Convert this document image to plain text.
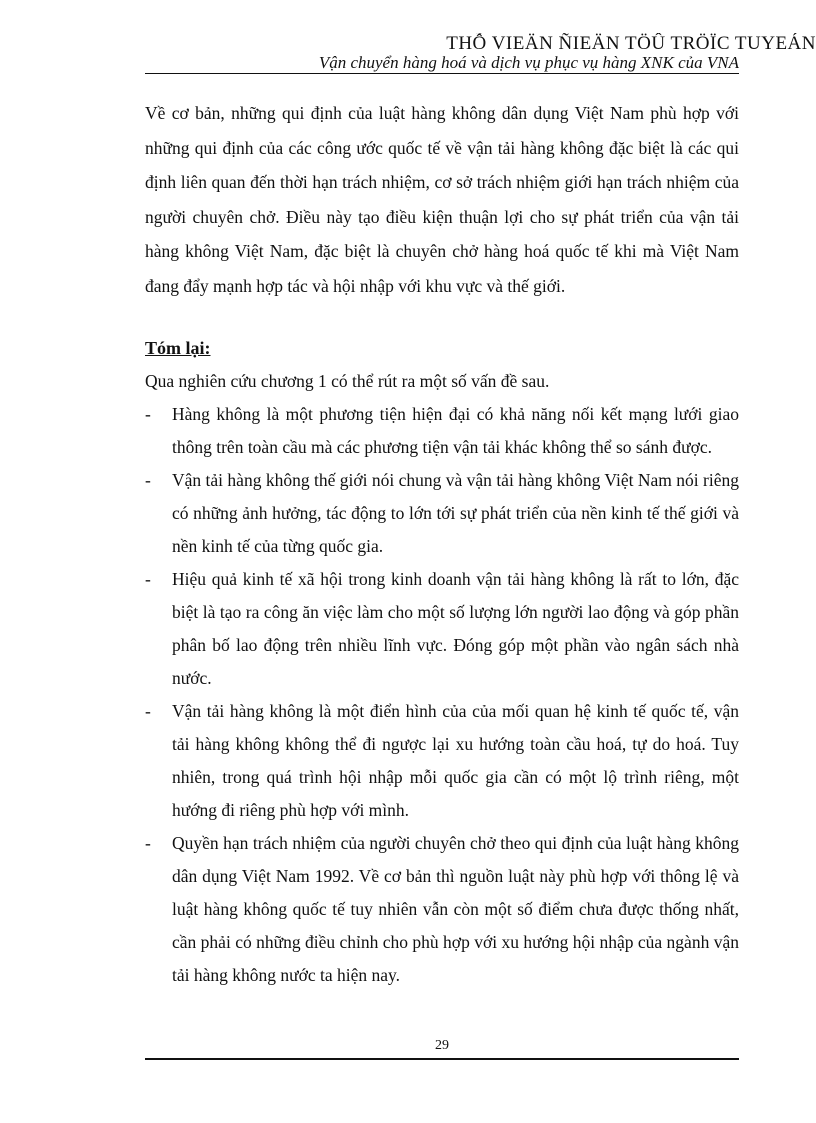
THỖ VIEÄN ÑIEÄN TÖÛ TRÖÏC TUYEÁN
Vận chuyển hàng hoá và dịch vụ phục vụ hàng XNK của VNA

Về cơ bản, những qui định của luật hàng không dân dụng Việt Nam phù hợp với những qui định của các công ước quốc tế về vận tải hàng không đặc biệt là các qui định liên quan đến thời hạn trách nhiệm, cơ sở trách nhiệm giới hạn trách nhiệm của người chuyên chở. Điều này tạo điều kiện thuận lợi cho sự phát triển của vận tải hàng không Việt Nam, đặc biệt là chuyên chở hàng hoá quốc tế khi mà Việt Nam đang đẩy mạnh hợp tác và hội nhập với khu vực và thế giới.

Tóm lại:

Qua nghiên cứu chương 1 có thể rút ra một số vấn đề sau.

-	Hàng không là một phương tiện hiện đại có khả năng nối kết mạng lưới giao thông trên toàn cầu mà các phương tiện vận tải khác không thể so sánh được.
-	Vận tải hàng không thế giới nói chung và vận tải hàng không Việt Nam nói riêng có những ảnh hưởng, tác động to lớn tới sự phát triển của nền kinh tế thế giới và nền kinh tế của từng quốc gia.
-	Hiệu quả kinh tế xã hội trong kinh doanh vận tải hàng không là rất to lớn, đặc biệt là tạo ra công ăn việc làm cho một số lượng lớn người lao động và góp phần phân bố lao động trên nhiều lĩnh vực. Đóng góp một phần vào ngân sách nhà nước.
-	Vận tải hàng không là một điển hình của của mối quan hệ kinh tế quốc tế, vận tải hàng không không thể đi ngược lại xu hướng toàn cầu hoá, tự do hoá. Tuy nhiên, trong quá trình hội nhập mỗi quốc gia cần có một lộ trình riêng, một hướng đi riêng phù hợp với mình.
-	Quyền hạn trách nhiệm của người chuyên chở theo qui định của luật hàng không dân dụng Việt Nam 1992. Về cơ bản thì nguồn luật này phù hợp với thông lệ và luật hàng không quốc tế tuy nhiên vẫn còn một số điểm chưa được thống nhất, cần phải có những điều chỉnh cho phù hợp với xu hướng hội nhập của ngành vận tải hàng không nước ta hiện nay.
29
